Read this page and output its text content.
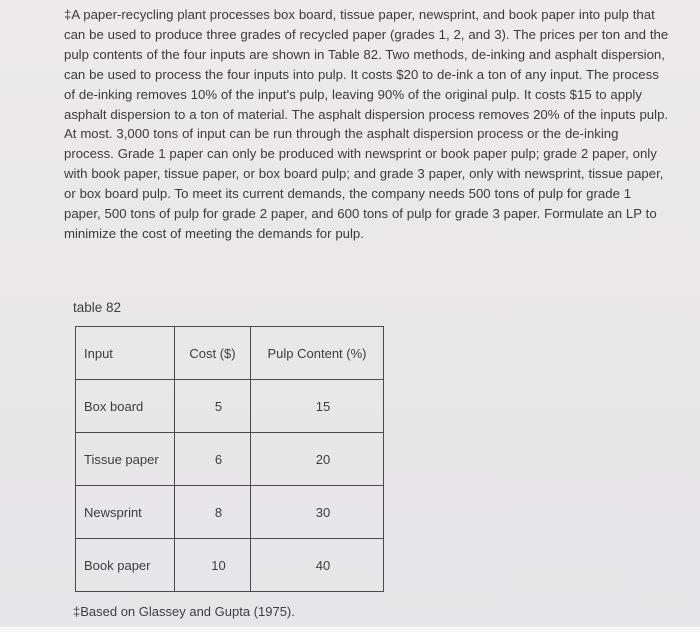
‡A paper-recycling plant processes box board, tissue paper, newsprint, and book paper into pulp that can be used to produce three grades of recycled paper (grades 1, 2, and 3). The prices per ton and the pulp contents of the four inputs are shown in Table 82. Two methods, de-inking and asphalt dispersion, can be used to process the four inputs into pulp. It costs $20 to de-ink a ton of any input. The process of de-inking removes 10% of the input's pulp, leaving 90% of the original pulp. It costs $15 to apply asphalt dispersion to a ton of material. The asphalt dispersion process removes 20% of the inputs pulp. At most. 3,000 tons of input can be run through the asphalt dispersion process or the de-inking process. Grade 1 paper can only be produced with newsprint or book paper pulp; grade 2 paper, only with book paper, tissue paper, or box board pulp; and grade 3 paper, only with newsprint, tissue paper, or box board pulp. To meet its current demands, the company needs 500 tons of pulp for grade 1 paper, 500 tons of pulp for grade 2 paper, and 600 tons of pulp for grade 3 paper. Formulate an LP to minimize the cost of meeting the demands for pulp.
table 82
Input	Cost ($)	Pulp Content (%)
Box board	5	15
Tissue paper	6	20
Newsprint	8	30
Book paper	10	40
‡Based on Glassey and Gupta (1975).
